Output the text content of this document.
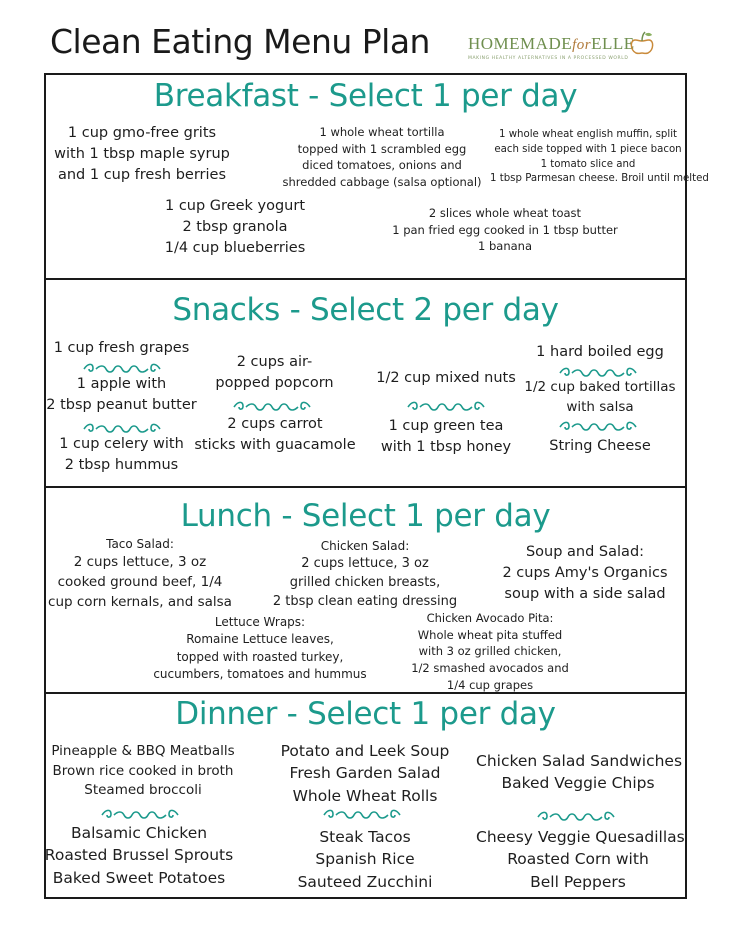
Clean Eating Menu Plan HOMEMADEforELLE
MAKING HEALTHY ALTERNATIVES IN A PROCESSED WORLD
Breakfast - Select 1 per day
1 cup gmo-free grits
with 1 tbsp maple syrup
and 1 cup fresh berries
1 whole wheat tortilla
topped with 1 scrambled egg
diced tomatoes, onions and
shredded cabbage (salsa optional)
1 whole wheat english muffin, split
each side topped with 1 piece bacon
1 tomato slice and
1 tbsp Parmesan cheese. Broil until melted
1 cup Greek yogurt
2 tbsp granola
1/4 cup blueberries
2 slices whole wheat toast
1 pan fried egg cooked in 1 tbsp butter
1 banana
Snacks - Select 2 per day
1 cup fresh grapes
1 apple with
2 tbsp peanut butter
1 cup celery with
2 tbsp hummus
2 cups air-
popped popcorn
2 cups carrot
sticks with guacamole
1/2 cup mixed nuts
1 cup green tea
with 1 tbsp honey
1 hard boiled egg
1/2 cup baked tortillas
with salsa
String Cheese
Lunch - Select 1 per day
Taco Salad:
2 cups lettuce, 3 oz
cooked ground beef, 1/4
cup corn kernals, and salsa
Chicken Salad:
2 cups lettuce, 3 oz
grilled chicken breasts,
2 tbsp clean eating dressing
Soup and Salad:
2 cups Amy's Organics
soup with a side salad
Lettuce Wraps:
Romaine Lettuce leaves,
topped with roasted turkey,
cucumbers, tomatoes and hummus
Chicken Avocado Pita:
Whole wheat pita stuffed
with 3 oz grilled chicken,
1/2 smashed avocados and
1/4 cup grapes
Dinner - Select 1 per day
Pineapple & BBQ Meatballs
Brown rice cooked in broth
Steamed broccoli
Balsamic Chicken
Roasted Brussel Sprouts
Baked Sweet Potatoes
Potato and Leek Soup
Fresh Garden Salad
Whole Wheat Rolls
Steak Tacos
Spanish Rice
Sauteed Zucchini
Chicken Salad Sandwiches
Baked Veggie Chips
Cheesy Veggie Quesadillas
Roasted Corn with
Bell Peppers
